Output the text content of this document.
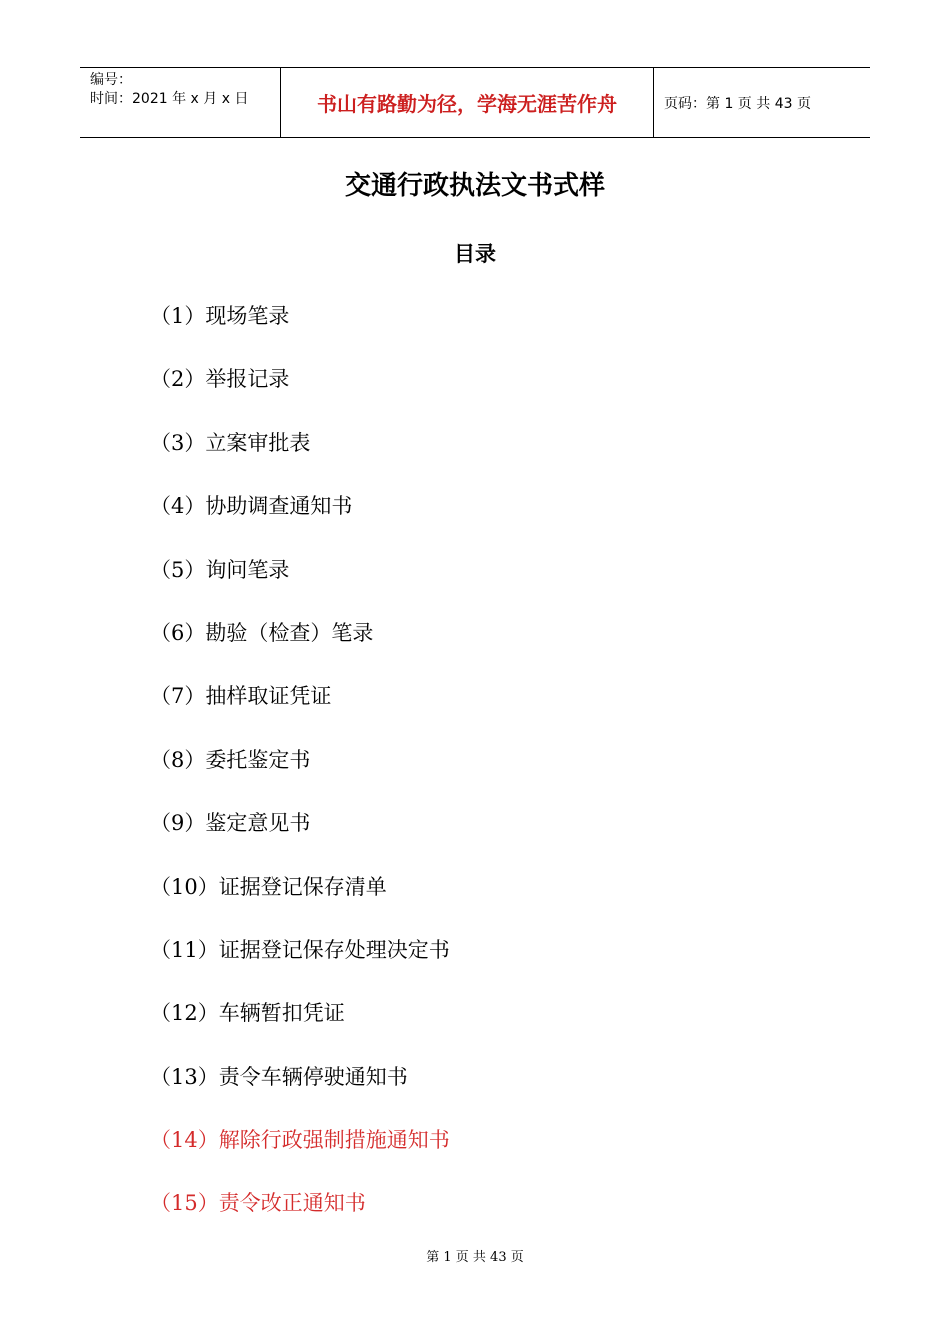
编号：
时间：2021 年 x 月 x 日	书山有路勤为径，学海无涯苦作舟	页码：第 1 页 共 43 页
交通行政执法文书式样
目录
（1）现场笔录
（2）举报记录
（3）立案审批表
（4）协助调查通知书
（5）询问笔录
（6）勘验（检查）笔录
（7）抽样取证凭证
（8）委托鉴定书
（9）鉴定意见书
（10）证据登记保存清单
（11）证据登记保存处理决定书
（12）车辆暂扣凭证
（13）责令车辆停驶通知书
（14）解除行政强制措施通知书
（15）责令改正通知书
第 1 页 共 43 页
